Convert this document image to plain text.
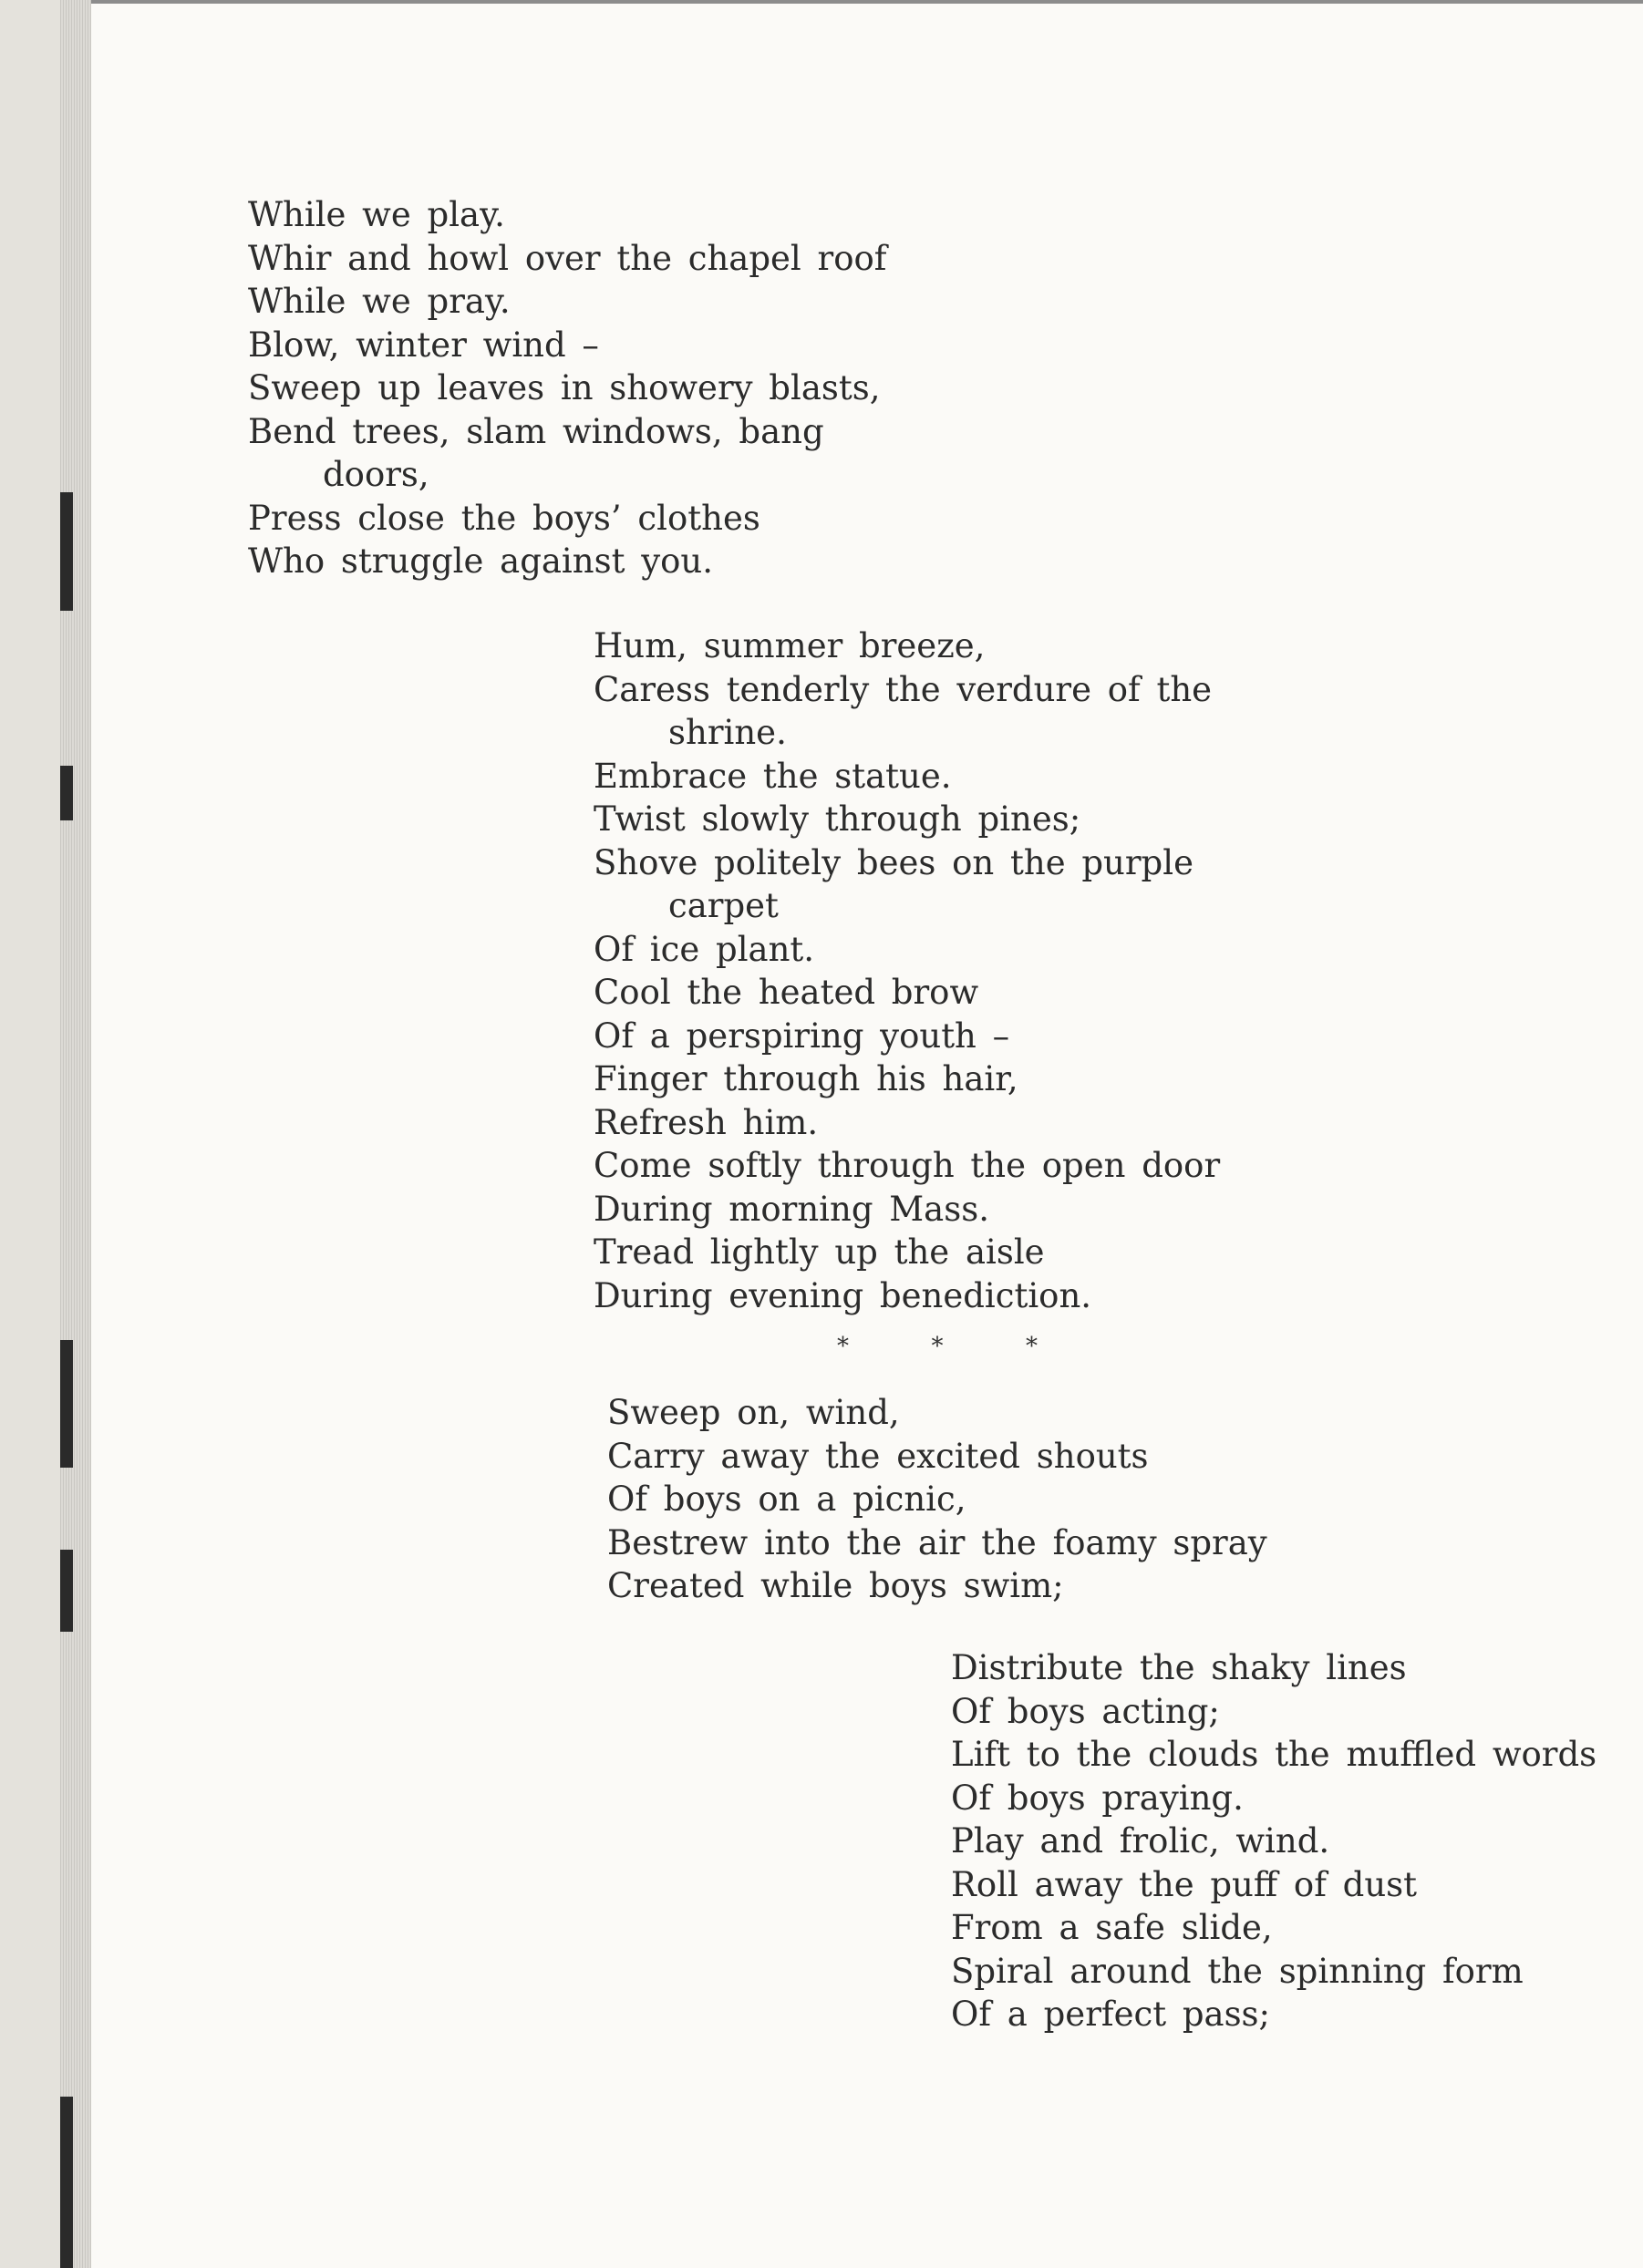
While we play.
Whir and howl over the chapel roof
While we pray.
Blow, winter wind –
Sweep up leaves in showery blasts,
Bend trees, slam windows, bang
doors,
Press close the boys’ clothes
Who struggle against you.
Hum, summer breeze,
Caress tenderly the verdure of the
shrine.
Embrace the statue.
Twist slowly through pines;
Shove politely bees on the purple
carpet
Of ice plant.
Cool the heated brow
Of a perspiring youth –
Finger through his hair,
Refresh him.
Come softly through the open door
During morning Mass.
Tread lightly up the aisle
During evening benediction.
*	*	*
Sweep on, wind,
Carry away the excited shouts
Of boys on a picnic,
Bestrew into the air the foamy spray
Created while boys swim;
Distribute the shaky lines
Of boys acting;
Lift to the clouds the muffled words
Of boys praying.
Play and frolic, wind.
Roll away the puff of dust
From a safe slide,
Spiral around the spinning form
Of a perfect pass;
